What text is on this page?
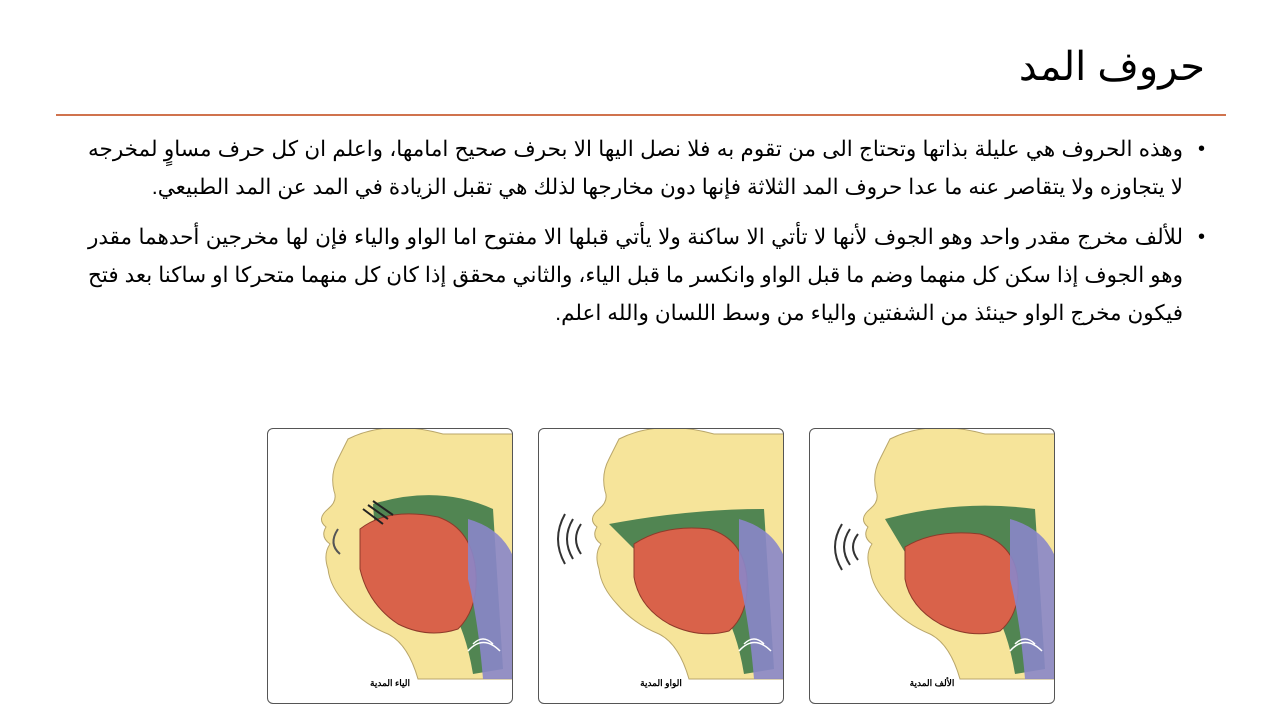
حروف المد

•
وهذه الحروف هي عليلة بذاتها وتحتاج الى من تقوم به فلا نصل اليها الا بحرف صحيح امامها، واعلم ان كل حرف مساوٍ لمخرجه لا يتجاوزه ولا يتقاصر عنه ما عدا حروف المد الثلاثة فإنها دون مخارجها لذلك هي تقبل الزيادة في المد عن المد الطبيعي.

•
للألف مخرج مقدر واحد وهو الجوف لأنها لا تأتي الا ساكنة ولا يأتي قبلها الا مفتوح اما الواو والياء فإن لها مخرجين أحدهما مقدر وهو الجوف إذا سكن كل منهما وضم ما قبل الواو وانكسر ما قبل الياء، والثاني محقق إذا كان كل منهما متحركا او ساكنا بعد فتح فيكون مخرج الواو حينئذ من الشفتين والياء من وسط اللسان والله اعلم.

الياء المدية	الواو المدية	الألف المدية
